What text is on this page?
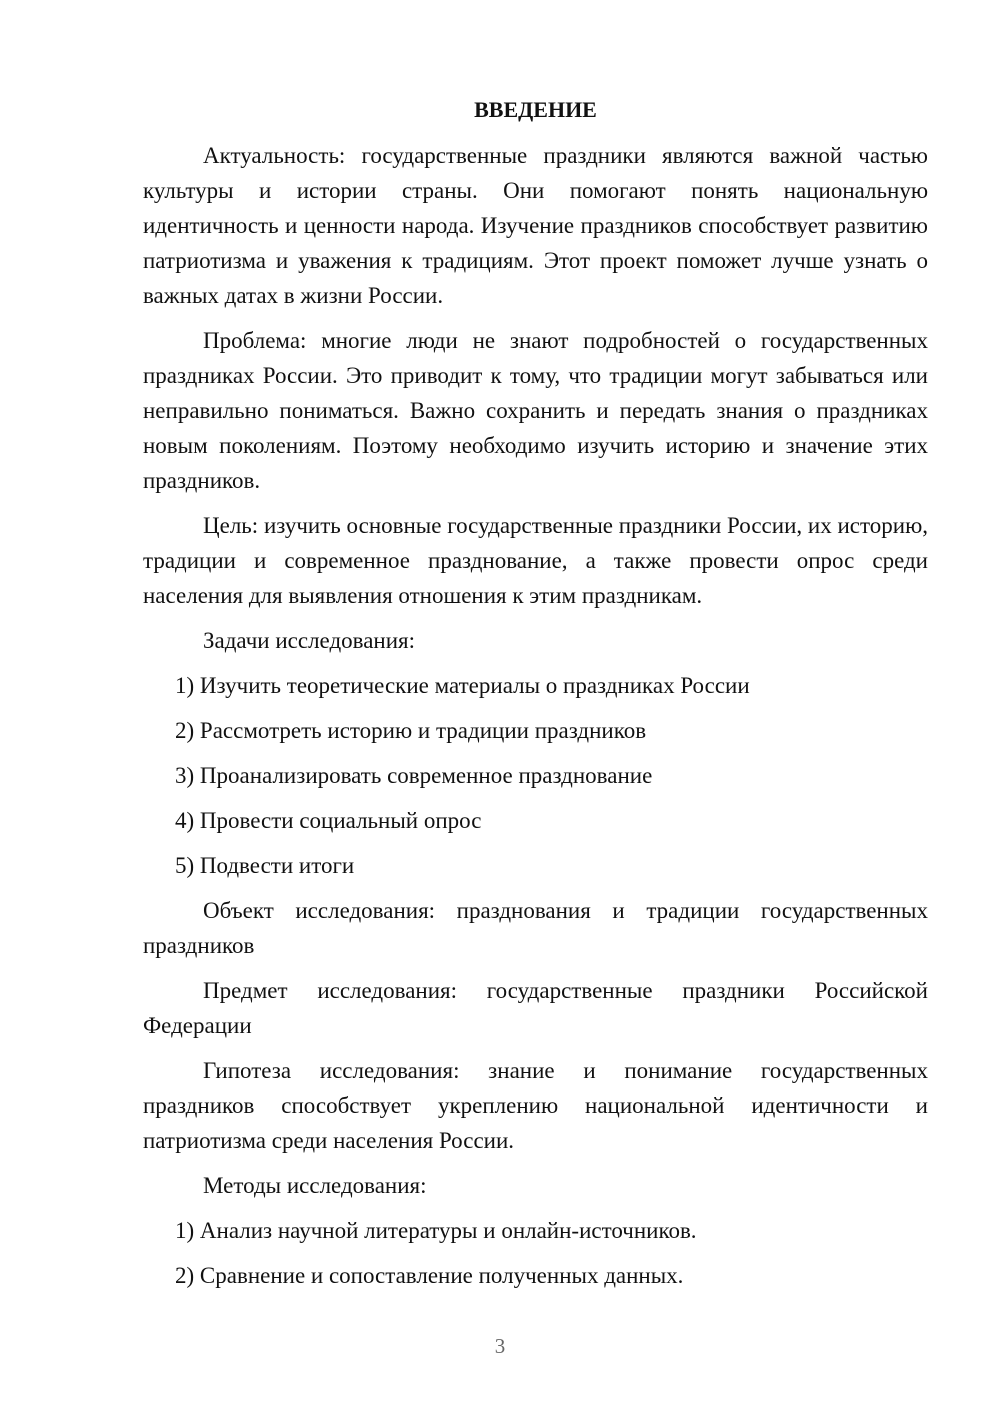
ВВЕДЕНИЕ

Актуальность: государственные праздники являются важной частью культуры и истории страны. Они помогают понять национальную идентичность и ценности народа. Изучение праздников способствует развитию патриотизма и уважения к традициям. Этот проект поможет лучше узнать о важных датах в жизни России.

Проблема: многие люди не знают подробностей о государственных праздниках России. Это приводит к тому, что традиции могут забываться или неправильно пониматься. Важно сохранить и передать знания о праздниках новым поколениям. Поэтому необходимо изучить историю и значение этих праздников.

Цель: изучить основные государственные праздники России, их историю, традиции и современное празднование, а также провести опрос среди населения для выявления отношения к этим праздникам.

Задачи исследования:

1) Изучить теоретические материалы о праздниках России
2) Рассмотреть историю и традиции праздников
3) Проанализировать современное празднование
4) Провести социальный опрос
5) Подвести итоги

Объект исследования: празднования и традиции государственных праздников

Предмет исследования: государственные праздники Российской Федерации

Гипотеза исследования: знание и понимание государственных праздников способствует укреплению национальной идентичности и патриотизма среди населения России.

Методы исследования:

1) Анализ научной литературы и онлайн-источников.
2) Сравнение и сопоставление полученных данных.
3
